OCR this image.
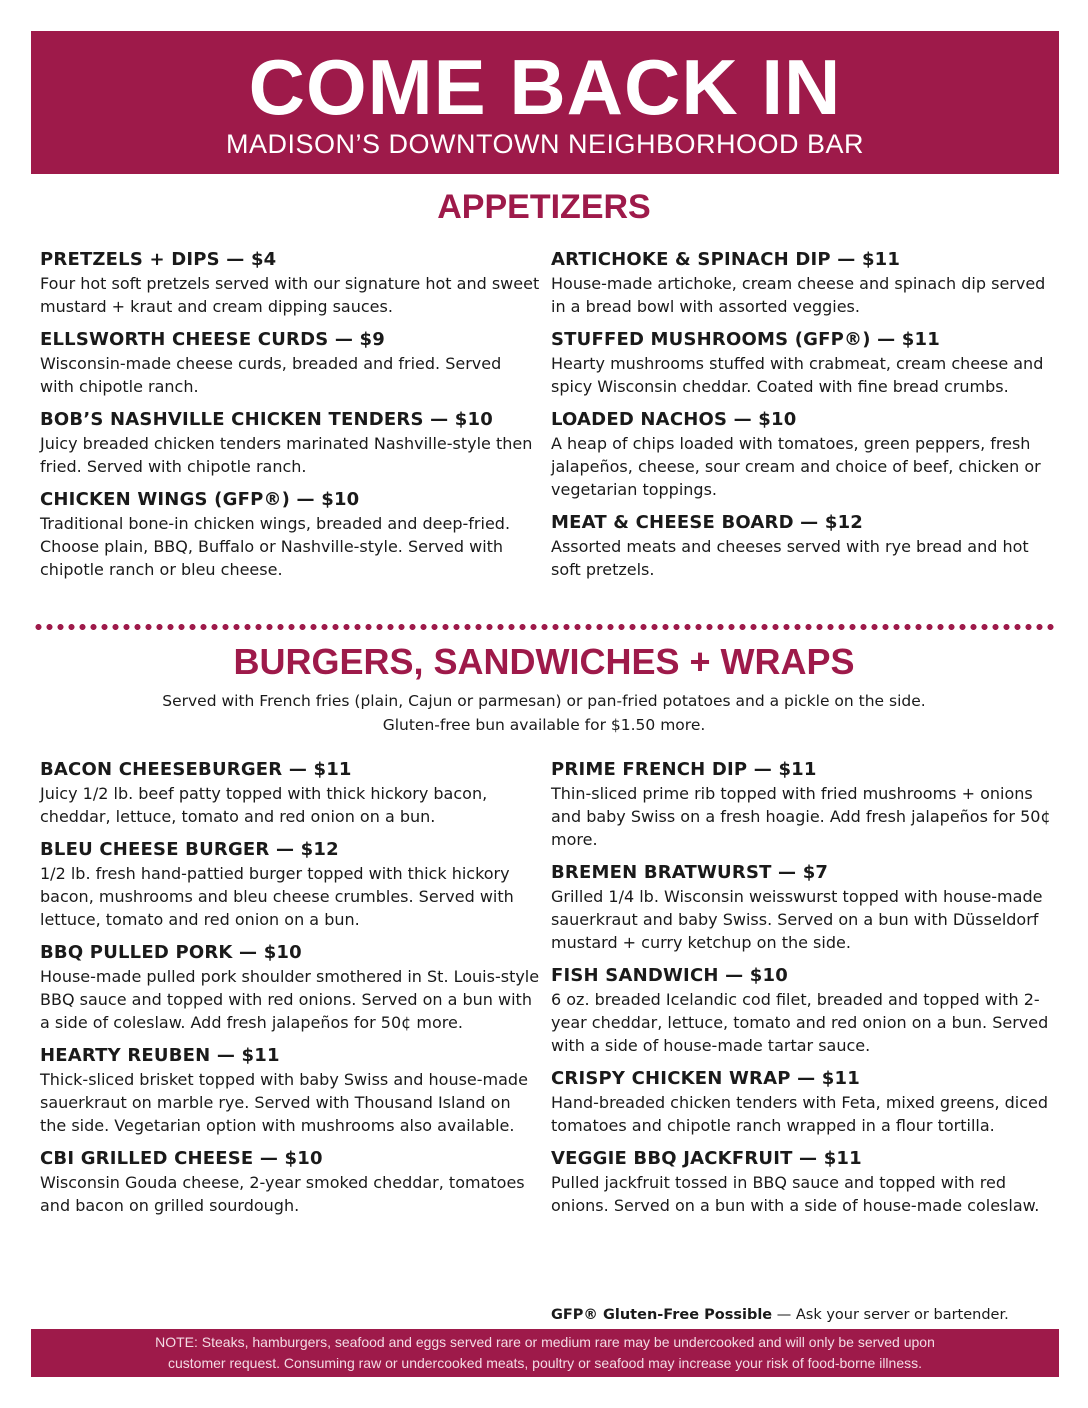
COME BACK IN
MADISON’S DOWNTOWN NEIGHBORHOOD BAR
APPETIZERS
PRETZELS + DIPS — $4
Four hot soft pretzels served with our signature hot and sweet mustard + kraut and cream dipping sauces.
ELLSWORTH CHEESE CURDS — $9
Wisconsin-made cheese curds, breaded and fried. Served with chipotle ranch.
BOB’S NASHVILLE CHICKEN TENDERS — $10
Juicy breaded chicken tenders marinated Nashville-style then fried. Served with chipotle ranch.
CHICKEN WINGS (GFP®) — $10
Traditional bone-in chicken wings, breaded and deep-fried. Choose plain, BBQ, Buffalo or Nashville-style. Served with chipotle ranch or bleu cheese.
ARTICHOKE & SPINACH DIP — $11
House-made artichoke, cream cheese and spinach dip served in a bread bowl with assorted veggies.
STUFFED MUSHROOMS (GFP®) — $11
Hearty mushrooms stuffed with crabmeat, cream cheese and spicy Wisconsin cheddar. Coated with fine bread crumbs.
LOADED NACHOS — $10
A heap of chips loaded with tomatoes, green peppers, fresh jalapeños, cheese, sour cream and choice of beef, chicken or vegetarian toppings.
MEAT & CHEESE BOARD — $12
Assorted meats and cheeses served with rye bread and hot soft pretzels.
BURGERS, SANDWICHES + WRAPS
Served with French fries (plain, Cajun or parmesan) or pan-fried potatoes and a pickle on the side.
Gluten-free bun available for $1.50 more.
BACON CHEESEBURGER — $11
Juicy 1/2 lb. beef patty topped with thick hickory bacon, cheddar, lettuce, tomato and red onion on a bun.
BLEU CHEESE BURGER — $12
1/2 lb. fresh hand-pattied burger topped with thick hickory bacon, mushrooms and bleu cheese crumbles. Served with lettuce, tomato and red onion on a bun.
BBQ PULLED PORK — $10
House-made pulled pork shoulder smothered in St. Louis-style BBQ sauce and topped with red onions. Served on a bun with a side of coleslaw. Add fresh jalapeños for 50¢ more.
HEARTY REUBEN — $11
Thick-sliced brisket topped with baby Swiss and house-made sauerkraut on marble rye. Served with Thousand Island on the side. Vegetarian option with mushrooms also available.
CBI GRILLED CHEESE — $10
Wisconsin Gouda cheese, 2-year smoked cheddar, tomatoes and bacon on grilled sourdough.
PRIME FRENCH DIP — $11
Thin-sliced prime rib topped with fried mushrooms + onions and baby Swiss on a fresh hoagie. Add fresh jalapeños for 50¢ more.
BREMEN BRATWURST — $7
Grilled 1/4 lb. Wisconsin weisswurst topped with house-made sauerkraut and baby Swiss. Served on a bun with Düsseldorf mustard + curry ketchup on the side.
FISH SANDWICH — $10
6 oz. breaded Icelandic cod filet, breaded and topped with 2-year cheddar, lettuce, tomato and red onion on a bun. Served with a side of house-made tartar sauce.
CRISPY CHICKEN WRAP — $11
Hand-breaded chicken tenders with Feta, mixed greens, diced tomatoes and chipotle ranch wrapped in a flour tortilla.
VEGGIE BBQ JACKFRUIT — $11
Pulled jackfruit tossed in BBQ sauce and topped with red onions. Served on a bun with a side of house-made coleslaw.
GFP® Gluten-Free Possible — Ask your server or bartender.
NOTE: Steaks, hamburgers, seafood and eggs served rare or medium rare may be undercooked and will only be served upon
customer request. Consuming raw or undercooked meats, poultry or seafood may increase your risk of food-borne illness.
